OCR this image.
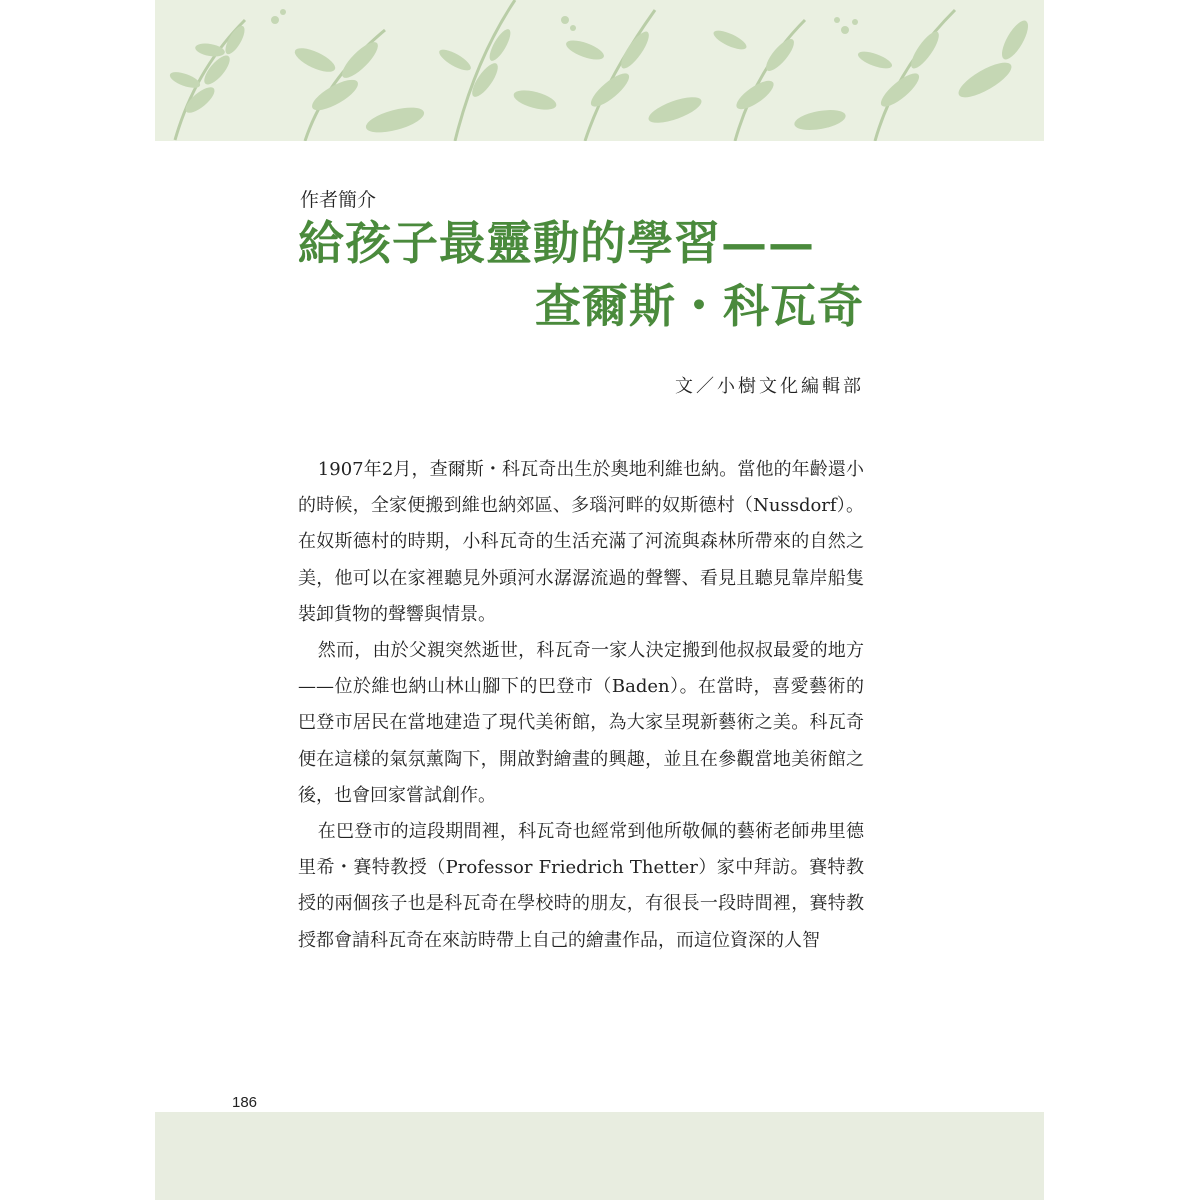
作者簡介
給孩子最靈動的學習——
查爾斯・科瓦奇
文／小樹文化編輯部

1907年2月，查爾斯・科瓦奇出生於奧地利維也納。當他的年齡還小的時候，全家便搬到維也納郊區、多瑙河畔的奴斯德村（Nussdorf）。在奴斯德村的時期，小科瓦奇的生活充滿了河流與森林所帶來的自然之美，他可以在家裡聽見外頭河水潺潺流過的聲響、看見且聽見靠岸船隻裝卸貨物的聲響與情景。

然而，由於父親突然逝世，科瓦奇一家人決定搬到他叔叔最愛的地方——位於維也納山林山腳下的巴登市（Baden）。在當時，喜愛藝術的巴登市居民在當地建造了現代美術館，為大家呈現新藝術之美。科瓦奇便在這樣的氣氛薰陶下，開啟對繪畫的興趣，並且在參觀當地美術館之後，也會回家嘗試創作。

在巴登市的這段期間裡，科瓦奇也經常到他所敬佩的藝術老師弗里德里希・賽特教授（Professor Friedrich Thetter）家中拜訪。賽特教授的兩個孩子也是科瓦奇在學校時的朋友，有很長一段時間裡，賽特教授都會請科瓦奇在來訪時帶上自己的繪畫作品，而這位資深的人智

186
